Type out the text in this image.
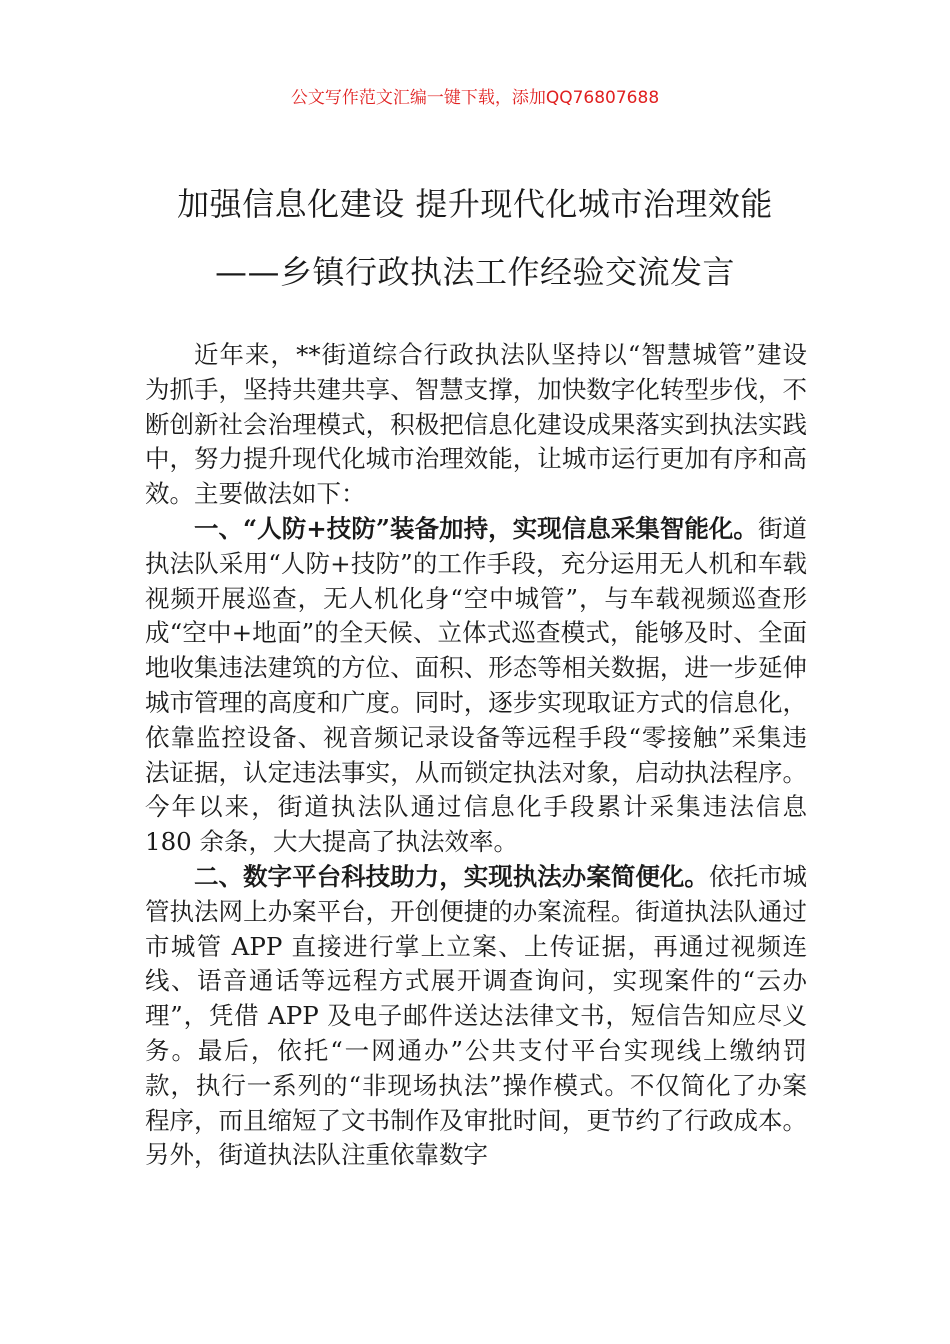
公文写作范文汇编一键下载，添加QQ76807688
加强信息化建设 提升现代化城市治理效能
——乡镇行政执法工作经验交流发言

近年来，**街道综合行政执法队坚持以“智慧城管”建设为抓手，坚持共建共享、智慧支撑，加快数字化转型步伐，不断创新社会治理模式，积极把信息化建设成果落实到执法实践中，努力提升现代化城市治理效能，让城市运行更加有序和高效。主要做法如下：

一、“人防+技防”装备加持，实现信息采集智能化。街道执法队采用“人防+技防”的工作手段，充分运用无人机和车载视频开展巡查，无人机化身“空中城管”，与车载视频巡查形成“空中+地面”的全天候、立体式巡查模式，能够及时、全面地收集违法建筑的方位、面积、形态等相关数据，进一步延伸城市管理的高度和广度。同时，逐步实现取证方式的信息化，依靠监控设备、视音频记录设备等远程手段“零接触”采集违法证据，认定违法事实，从而锁定执法对象，启动执法程序。今年以来，街道执法队通过信息化手段累计采集违法信息 180 余条，大大提高了执法效率。

二、数字平台科技助力，实现执法办案简便化。依托市城管执法网上办案平台，开创便捷的办案流程。街道执法队通过市城管 APP 直接进行掌上立案、上传证据，再通过视频连线、语音通话等远程方式展开调查询问，实现案件的“云办理”，凭借 APP 及电子邮件送达法律文书，短信告知应尽义务。最后，依托“一网通办”公共支付平台实现线上缴纳罚款，执行一系列的“非现场执法”操作模式。不仅简化了办案程序，而且缩短了文书制作及审批时间，更节约了行政成本。另外，街道执法队注重依靠数字
